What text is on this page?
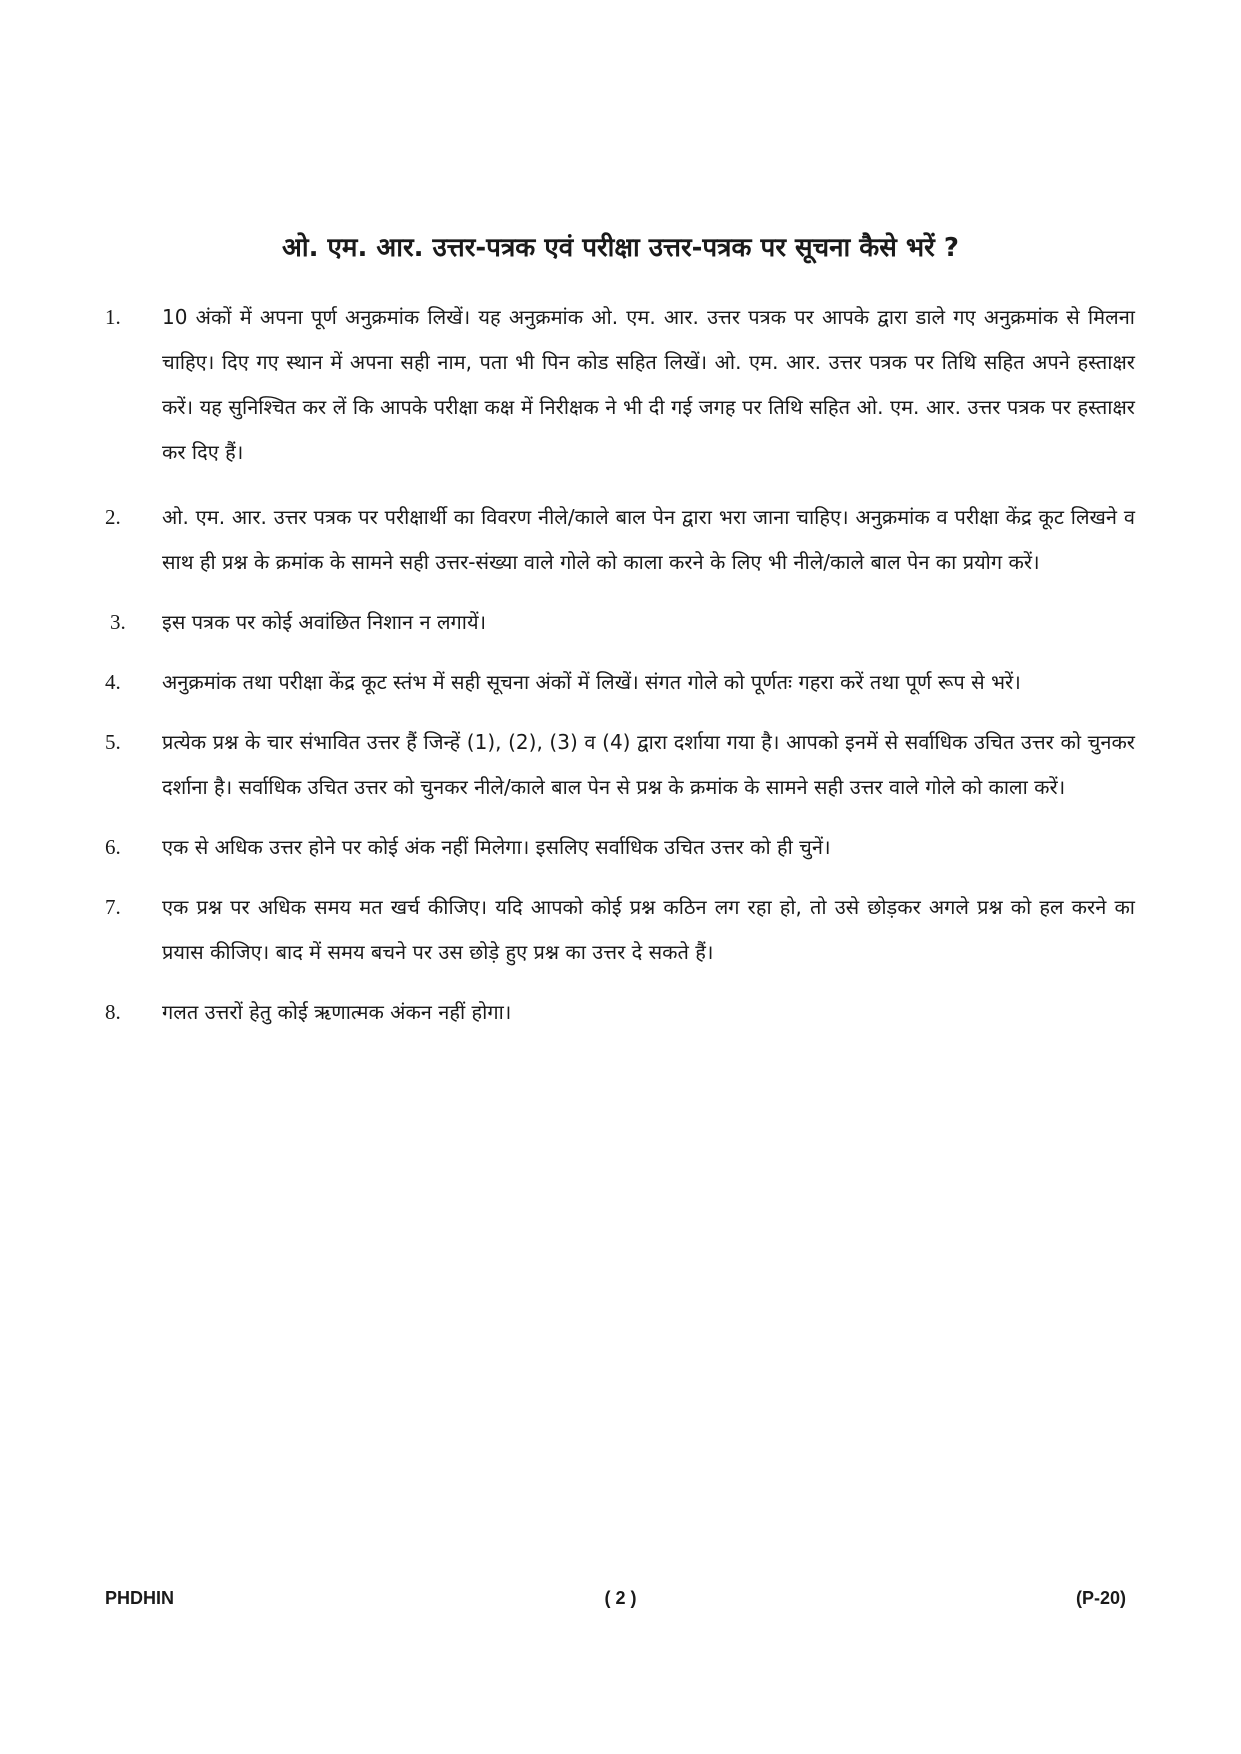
ओ. एम. आर. उत्तर-पत्रक एवं परीक्षा उत्तर-पत्रक पर सूचना कैसे भरें ?
1. 10 अंकों में अपना पूर्ण अनुक्रमांक लिखें। यह अनुक्रमांक ओ. एम. आर. उत्तर पत्रक पर आपके द्वारा डाले गए अनुक्रमांक से मिलना चाहिए। दिए गए स्थान में अपना सही नाम, पता भी पिन कोड सहित लिखें। ओ. एम. आर. उत्तर पत्रक पर तिथि सहित अपने हस्ताक्षर करें। यह सुनिश्चित कर लें कि आपके परीक्षा कक्ष में निरीक्षक ने भी दी गई जगह पर तिथि सहित ओ. एम. आर. उत्तर पत्रक पर हस्ताक्षर कर दिए हैं।
2. ओ. एम. आर. उत्तर पत्रक पर परीक्षार्थी का विवरण नीले/काले बाल पेन द्वारा भरा जाना चाहिए। अनुक्रमांक व परीक्षा केंद्र कूट लिखने व साथ ही प्रश्न के क्रमांक के सामने सही उत्तर-संख्या वाले गोले को काला करने के लिए भी नीले/काले बाल पेन का प्रयोग करें।
3. इस पत्रक पर कोई अवांछित निशान न लगायें।
4. अनुक्रमांक तथा परीक्षा केंद्र कूट स्तंभ में सही सूचना अंकों में लिखें। संगत गोले को पूर्णतः गहरा करें तथा पूर्ण रूप से भरें।
5. प्रत्येक प्रश्न के चार संभावित उत्तर हैं जिन्हें (1), (2), (3) व (4) द्वारा दर्शाया गया है। आपको इनमें से सर्वाधिक उचित उत्तर को चुनकर दर्शाना है। सर्वाधिक उचित उत्तर को चुनकर नीले/काले बाल पेन से प्रश्न के क्रमांक के सामने सही उत्तर वाले गोले को काला करें।
6. एक से अधिक उत्तर होने पर कोई अंक नहीं मिलेगा। इसलिए सर्वाधिक उचित उत्तर को ही चुनें।
7. एक प्रश्न पर अधिक समय मत खर्च कीजिए। यदि आपको कोई प्रश्न कठिन लग रहा हो, तो उसे छोड़कर अगले प्रश्न को हल करने का प्रयास कीजिए। बाद में समय बचने पर उस छोड़े हुए प्रश्न का उत्तर दे सकते हैं।
8. गलत उत्तरों हेतु कोई ऋणात्मक अंकन नहीं होगा।
PHDHIN	( 2 )	(P-20)
